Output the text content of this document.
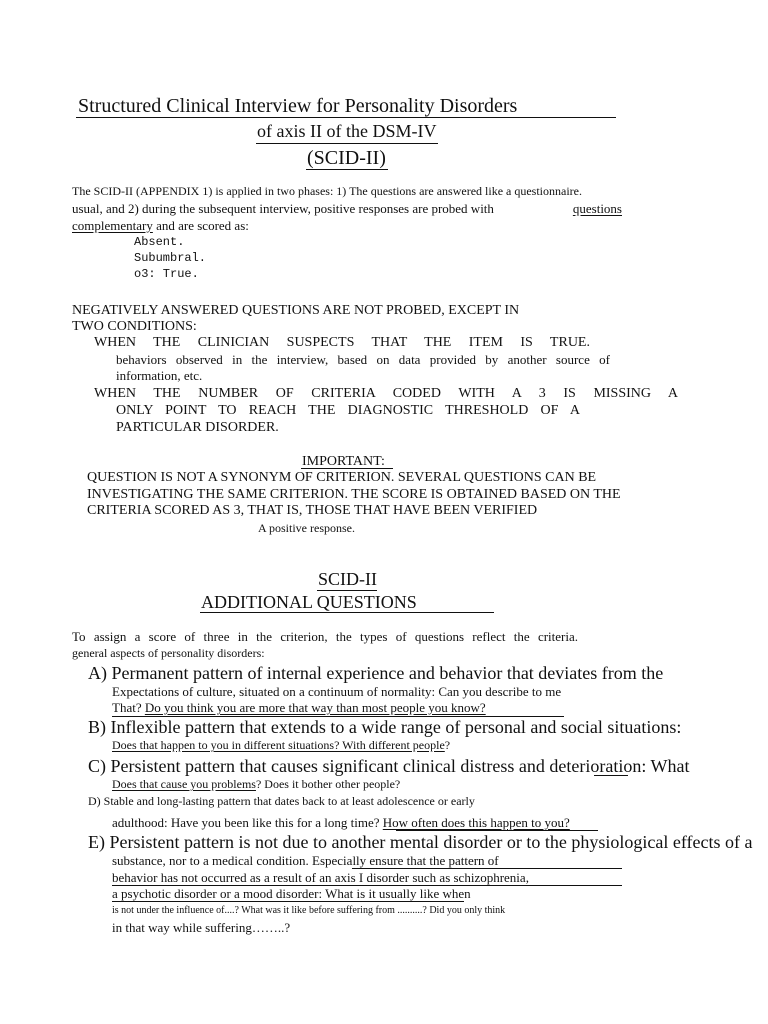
Structured Clinical Interview for Personality Disorders
of axis II of the DSM-IV
(SCID-II)
The SCID-II (APPENDIX 1) is applied in two phases: 1) The questions are answered like a questionnaire.
usual, and 2) during the subsequent interview, positive responses are probed with	questions
complementary and are scored as:
Absent.
Subumbral.
o3: True.
NEGATIVELY ANSWERED QUESTIONS ARE NOT PROBED, EXCEPT IN
TWO CONDITIONS:
WHEN THE CLINICIAN SUSPECTS THAT THE ITEM IS TRUE.
behaviors observed in the interview, based on data provided by another source of
information, etc.
WHEN THE NUMBER OF CRITERIA CODED WITH A 3 IS MISSING A
ONLY POINT TO REACH THE DIAGNOSTIC THRESHOLD OF A
PARTICULAR DISORDER.
IMPORTANT:
QUESTION IS NOT A SYNONYM OF CRITERION. SEVERAL QUESTIONS CAN BE
INVESTIGATING THE SAME CRITERION. THE SCORE IS OBTAINED BASED ON THE
CRITERIA SCORED AS 3, THAT IS, THOSE THAT HAVE BEEN VERIFIED
A positive response.
SCID-II
ADDITIONAL QUESTIONS
To assign a score of three in the criterion, the types of questions reflect the criteria.
general aspects of personality disorders:
A) Permanent pattern of internal experience and behavior that deviates from the
Expectations of culture, situated on a continuum of normality: Can you describe to me
That? Do you think you are more that way than most people you know?
B) Inflexible pattern that extends to a wide range of personal and social situations:
Does that happen to you in different situations? With different people?
C) Persistent pattern that causes significant clinical distress and deterioration: What
Does that cause you problems? Does it bother other people?
D) Stable and long-lasting pattern that dates back to at least adolescence or early
adulthood: Have you been like this for a long time? How often does this happen to you?
E) Persistent pattern is not due to another mental disorder or to the physiological effects of a
substance, nor to a medical condition. Especially ensure that the pattern of
behavior has not occurred as a result of an axis I disorder such as schizophrenia,
a psychotic disorder or a mood disorder: What is it usually like when
is not under the influence of....? What was it like before suffering from ..........? Did you only think
in that way while suffering……..?
